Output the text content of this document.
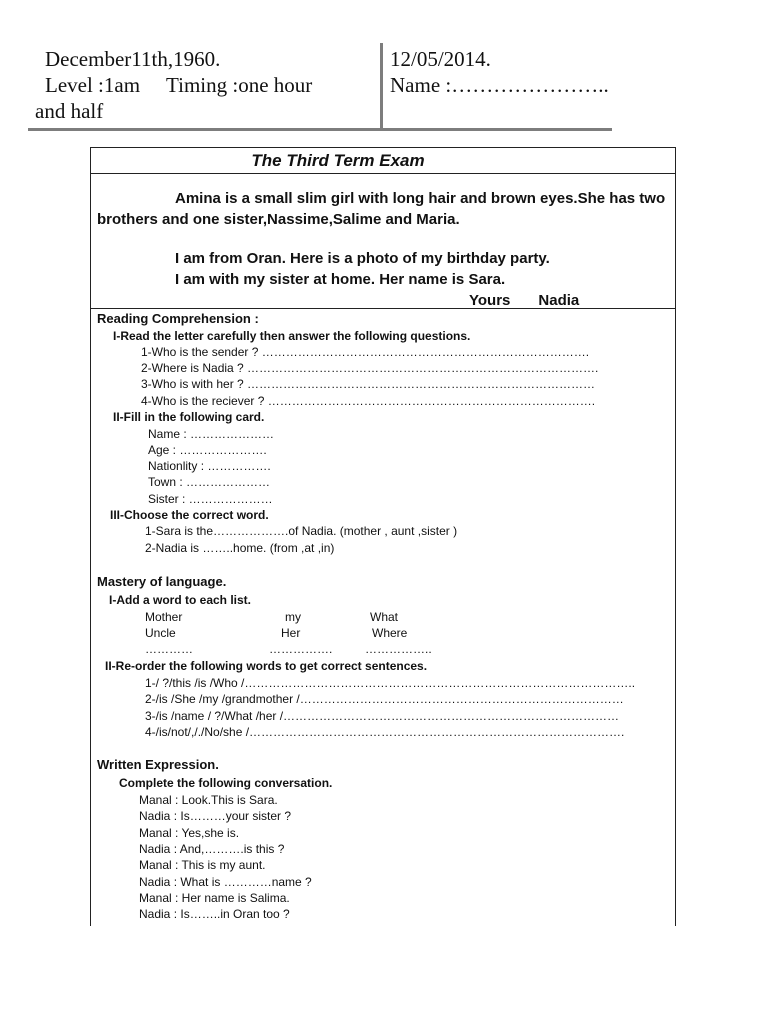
December11th,1960.
Level :1am Timing :one hour
and half
12/05/2014.
Name :…………………..
The Third Term Exam
Amina is a small slim girl with long hair and brown eyes.She has two brothers and one sister,Nassime,Salime and Maria.
I am from Oran. Here is a photo of my birthday party.
I am with my sister at home. Her name is Sara.
Yours Nadia
Reading Comprehension :
I-Read the letter carefully then answer the following questions.
1-Who is the sender ? ……………………………………………………………………….
2-Where is Nadia ? …………………………………………………………………………….
3-Who is with her ? ……………………………………………………………………………
4-Who is the reciever ? ……………………………………………………………………….
II-Fill in the following card.
Name : …………………
Age : ………………….
Nationlity : …………….
Town : …………………
Sister : …………………
III-Choose the correct word.
1-Sara is the……………….of Nadia. (mother , aunt ,sister )
2-Nadia is ……..home. (from ,at ,in)
Mastery of language.
I-Add a word to each list.
Mother	my	What
Uncle	Her	Where
…………	…………….	……………..
II-Re-order the following words to get correct sentences.
1-/ ?/this /is /Who /……………………………………………………………………………………..
2-/is /She /my /grandmother /………………………………………………………………………
3-/is /name / ?/What /her /…………………………………………………………………………
4-/is/not/,/./No/she /………………………………………………………………………………….
Written Expression.
Complete the following conversation.
Manal : Look.This is Sara.
Nadia : Is………your sister ?
Manal : Yes,she is.
Nadia : And,……….is this ?
Manal : This is my aunt.
Nadia : What is …………name ?
Manal : Her name is Salima.
Nadia : Is……..in Oran too ?
